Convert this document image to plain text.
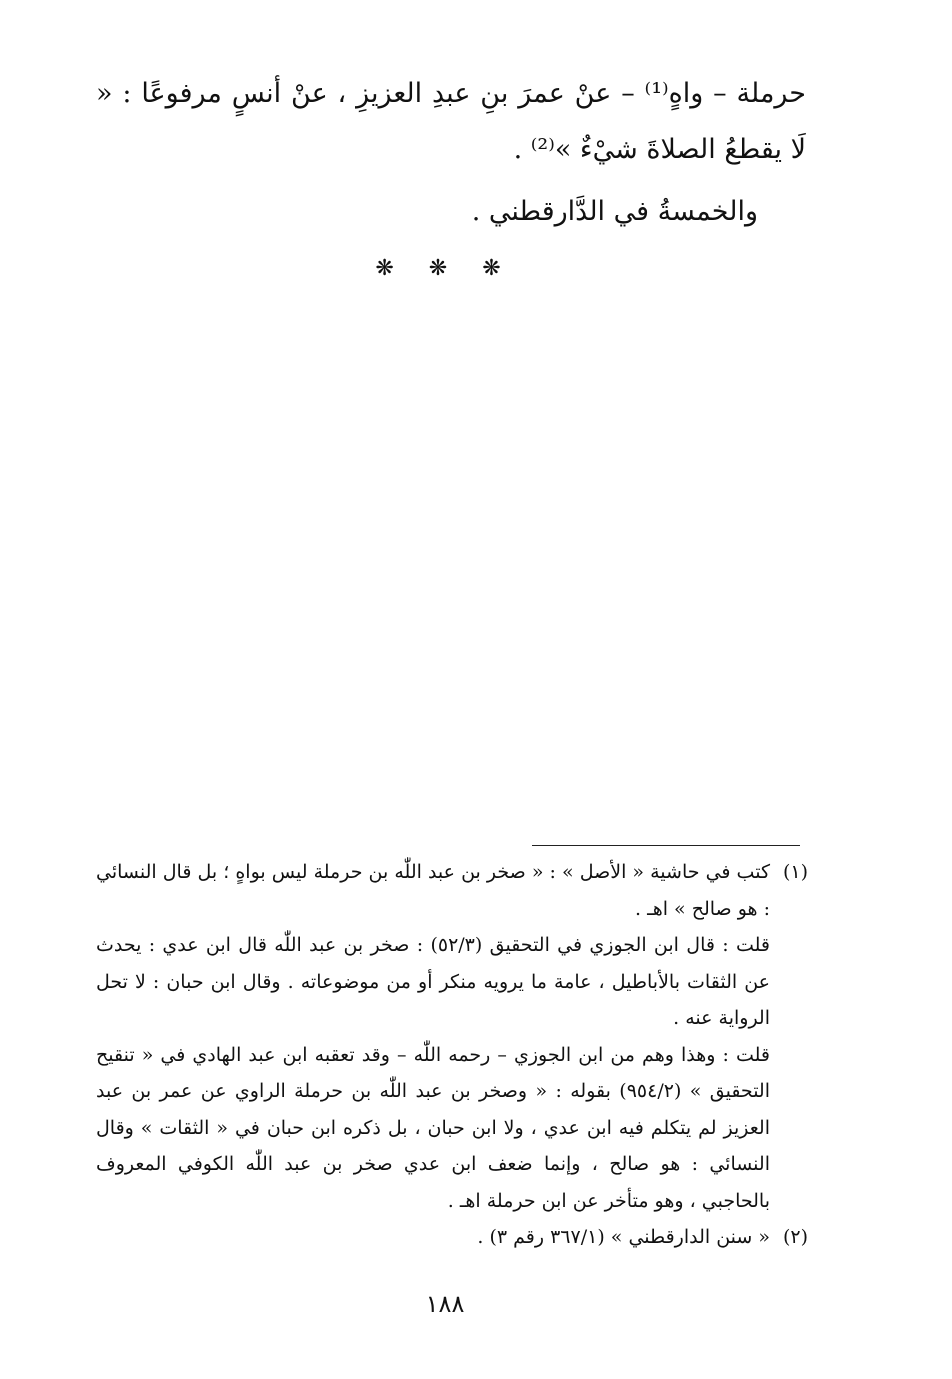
حرملة – واهٍ⁽¹⁾ – عنْ عمرَ بنِ عبدِ العزيزِ ، عنْ أنسٍ مرفوعًا : « لَا يقطعُ الصلاةَ شيْءٌ »⁽²⁾ .

والخمسةُ في الدَّارقطني .

❋ ❋ ❋
(١)

كتب في حاشية « الأصل » : « صخر بن عبد اللّٰه بن حرملة ليس بواهٍ ؛ بل قال النسائي : هو صالح » اهـ .

قلت : قال ابن الجوزي في التحقيق (٥٢/٣) : صخر بن عبد اللّٰه قال ابن عدي : يحدث عن الثقات بالأباطيل ، عامة ما يرويه منكر أو من موضوعاته . وقال ابن حبان : لا تحل الرواية عنه .

قلت : وهذا وهم من ابن الجوزي – رحمه اللّٰه – وقد تعقبه ابن عبد الهادي في « تنقيح التحقيق » (٩٥٤/٢) بقوله : « وصخر بن عبد اللّٰه بن حرملة الراوي عن عمر بن عبد العزيز لم يتكلم فيه ابن عدي ، ولا ابن حبان ، بل ذكره ابن حبان في « الثقات » وقال النسائي : هو صالح ، وإنما ضعف ابن عدي صخر بن عبد اللّٰه الكوفي المعروف بالحاجبي ، وهو متأخر عن ابن حرملة اهـ .

(٢)

« سنن الدارقطني » (٣٦٧/١ رقم ٣) .

١٨٨
